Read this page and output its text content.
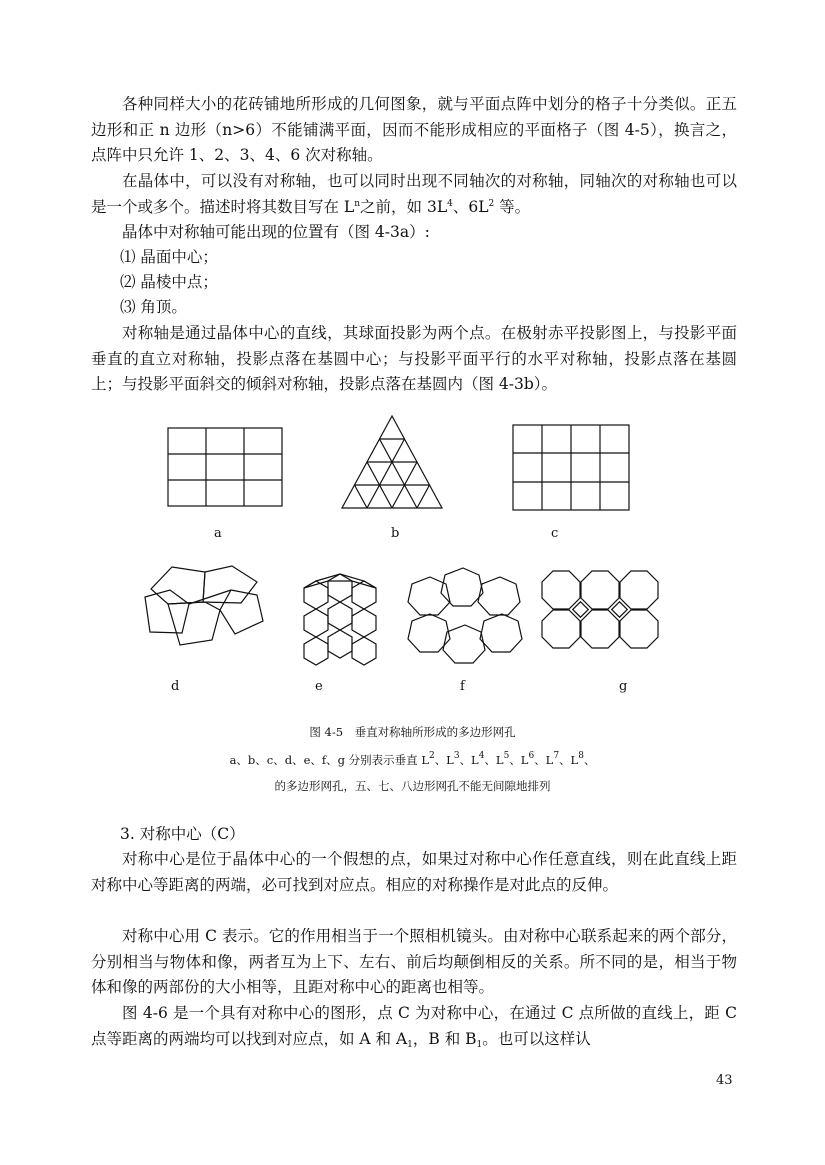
各种同样大小的花砖铺地所形成的几何图象，就与平面点阵中划分的格子十分类似。正五边形和正 n 边形（n>6）不能铺满平面，因而不能形成相应的平面格子（图 4-5），换言之，点阵中只允许 1、2、3、4、6 次对称轴。

在晶体中，可以没有对称轴，也可以同时出现不同轴次的对称轴，同轴次的对称轴也可以是一个或多个。描述时将其数目写在 $L^n$之前，如 $3L^4$、$6L^2$ 等。

晶体中对称轴可能出现的位置有（图 4-3a）:

⑴ 晶面中心；

⑵ 晶棱中点；

⑶ 角顶。

对称轴是通过晶体中心的直线，其球面投影为两个点。在极射赤平投影图上，与投影平面垂直的直立对称轴，投影点落在基圆中心；与投影平面平行的水平对称轴，投影点落在基圆上；与投影平面斜交的倾斜对称轴，投影点落在基圆内（图 4-3b）。

a	b	c
d	e	f	g

图 4-5　垂直对称轴所形成的多边形网孔

a、b、c、d、e、f、g 分别表示垂直 $L^2$、$L^3$、$L^4$、$L^5$、$L^6$、$L^7$、$L^8$、

的多边形网孔，五、七、八边形网孔不能无间隙地排列

3. 对称中心（C）

对称中心是位于晶体中心的一个假想的点，如果过对称中心作任意直线，则在此直线上距对称中心等距离的两端，必可找到对应点。相应的对称操作是对此点的反伸。

对称中心用 C 表示。它的作用相当于一个照相机镜头。由对称中心联系起来的两个部分，分别相当与物体和像，两者互为上下、左右、前后均颠倒相反的关系。所不同的是，相当于物体和像的两部份的大小相等，且距对称中心的距离也相等。

图 4-6 是一个具有对称中心的图形，点 C 为对称中心，在通过 C 点所做的直线上，距 C 点等距离的两端均可以找到对应点，如 A 和 $A_1$，B 和 $B_1$。也可以这样认

43
